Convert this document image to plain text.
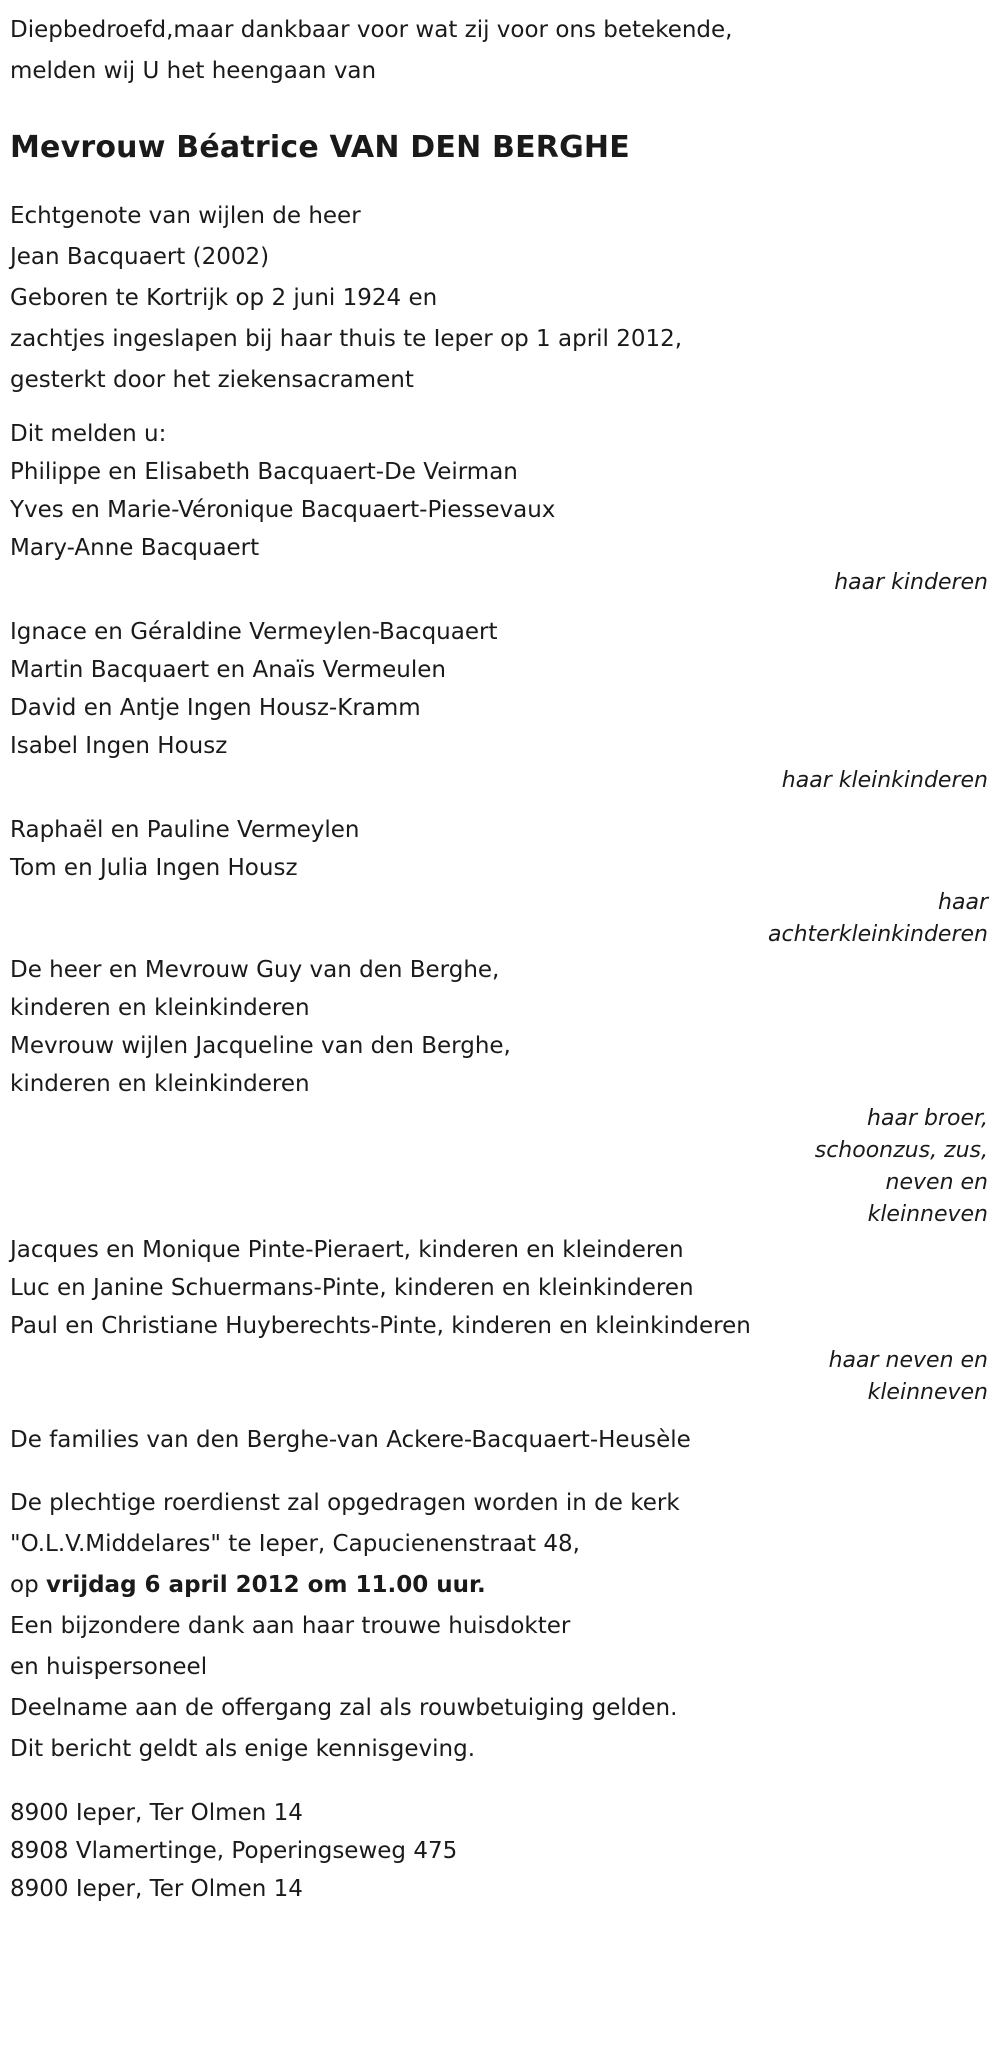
Diepbedroefd,maar dankbaar voor wat zij voor ons betekende,
melden wij U het heengaan van
Mevrouw Béatrice VAN DEN BERGHE
Echtgenote van wijlen de heer
Jean Bacquaert (2002)
Geboren te Kortrijk op 2 juni 1924 en
zachtjes ingeslapen bij haar thuis te Ieper op 1 april 2012,
gesterkt door het ziekensacrament
Dit melden u:
Philippe en Elisabeth Bacquaert-De Veirman
Yves en Marie-Véronique Bacquaert-Piessevaux
Mary-Anne Bacquaert
haar kinderen
Ignace en Géraldine Vermeylen-Bacquaert
Martin Bacquaert en Anaïs Vermeulen
David en Antje Ingen Housz-Kramm
Isabel Ingen Housz
haar kleinkinderen
Raphaël en Pauline Vermeylen
Tom en Julia Ingen Housz
haar
achterkleinkinderen
De heer en Mevrouw Guy van den Berghe,
kinderen en kleinkinderen
Mevrouw wijlen Jacqueline van den Berghe,
kinderen en kleinkinderen
haar broer,
schoonzus, zus,
neven en
kleinneven
Jacques en Monique Pinte-Pieraert, kinderen en kleinderen
Luc en Janine Schuermans-Pinte, kinderen en kleinkinderen
Paul en Christiane Huyberechts-Pinte, kinderen en kleinkinderen
haar neven en
kleinneven
De families van den Berghe-van Ackere-Bacquaert-Heusèle
De plechtige roerdienst zal opgedragen worden in de kerk
"O.L.V.Middelares" te Ieper, Capucienenstraat 48,
op vrijdag 6 april 2012 om 11.00 uur.
Een bijzondere dank aan haar trouwe huisdokter
en huispersoneel
Deelname aan de offergang zal als rouwbetuiging gelden.
Dit bericht geldt als enige kennisgeving.
8900 Ieper, Ter Olmen 14
8908 Vlamertinge, Poperingseweg 475
8900 Ieper, Ter Olmen 14
